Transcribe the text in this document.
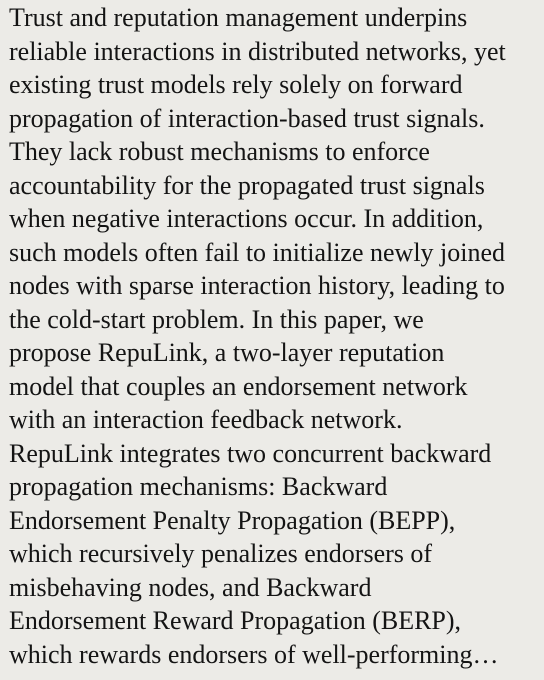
Trust and reputation management underpins
reliable interactions in distributed networks, yet
existing trust models rely solely on forward
propagation of interaction-based trust signals.
They lack robust mechanisms to enforce
accountability for the propagated trust signals
when negative interactions occur. In addition,
such models often fail to initialize newly joined
nodes with sparse interaction history, leading to
the cold-start problem. In this paper, we
propose RepuLink, a two-layer reputation
model that couples an endorsement network
with an interaction feedback network.
RepuLink integrates two concurrent backward
propagation mechanisms: Backward
Endorsement Penalty Propagation (BEPP),
which recursively penalizes endorsers of
misbehaving nodes, and Backward
Endorsement Reward Propagation (BERP),
which rewards endorsers of well-performing…
